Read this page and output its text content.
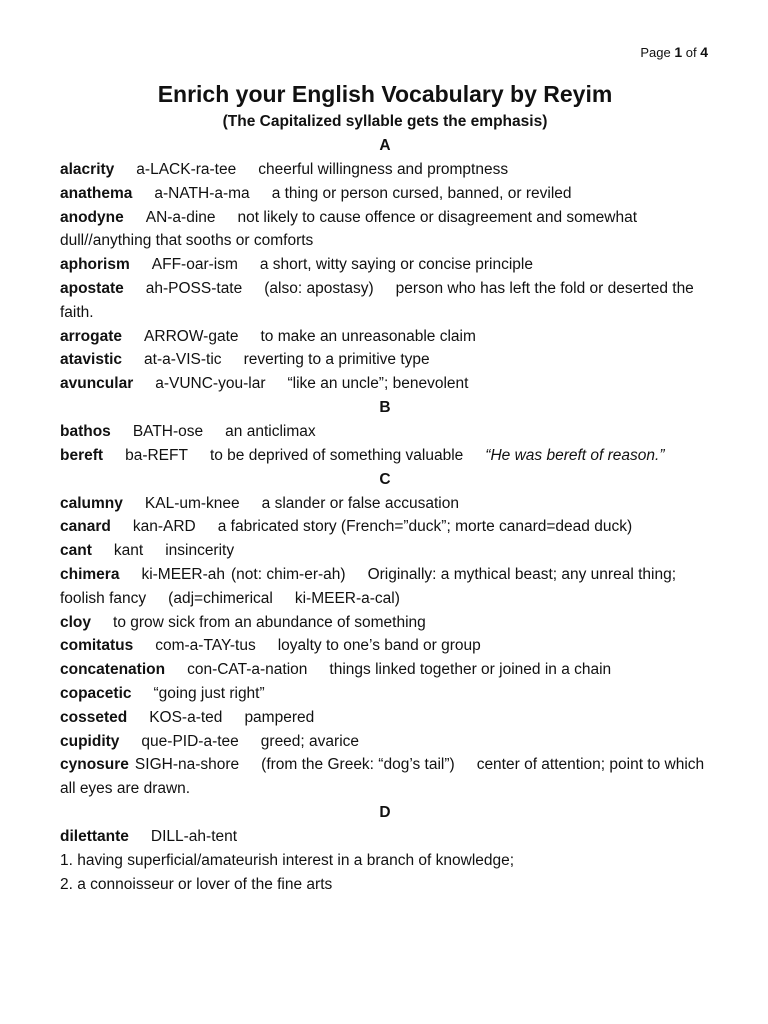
Page 1 of 4

Enrich your English Vocabulary by Reyim

(The Capitalized syllable gets the emphasis)

A

alacrity a-LACK-ra-tee cheerful willingness and promptness

anathema a-NATH-a-ma a thing or person cursed, banned, or reviled

anodyne AN-a-dine not likely to cause offence or disagreement and somewhat dull//anything that sooths or comforts

aphorism AFF-oar-ism a short, witty saying or concise principle

apostate ah-POSS-tate (also: apostasy) person who has left the fold or deserted the faith.

arrogate ARROW-gate to make an unreasonable claim

atavistic at-a-VIS-tic reverting to a primitive type

avuncular a-VUNC-you-lar “like an uncle”; benevolent

B

bathos BATH-ose an anticlimax

bereft ba-REFT to be deprived of something valuable “He was bereft of reason.”

C

calumny KAL-um-knee a slander or false accusation

canard kan-ARD a fabricated story (French=”duck”; morte canard=dead duck)

cant kant insincerity

chimera ki-MEER-ah (not: chim-er-ah) Originally: a mythical beast; any unreal thing; foolish fancy (adj=chimerical ki-MEER-a-cal)

cloy to grow sick from an abundance of something

comitatus com-a-TAY-tus loyalty to one’s band or group

concatenation con-CAT-a-nation things linked together or joined in a chain

copacetic “going just right”

cosseted KOS-a-ted pampered

cupidity que-PID-a-tee greed; avarice

cynosure SIGH-na-shore (from the Greek: “dog’s tail”) center of attention; point to which all eyes are drawn.

D

dilettante DILL-ah-tent

1. having superficial/amateurish interest in a branch of knowledge;

2. a connoisseur or lover of the fine arts
